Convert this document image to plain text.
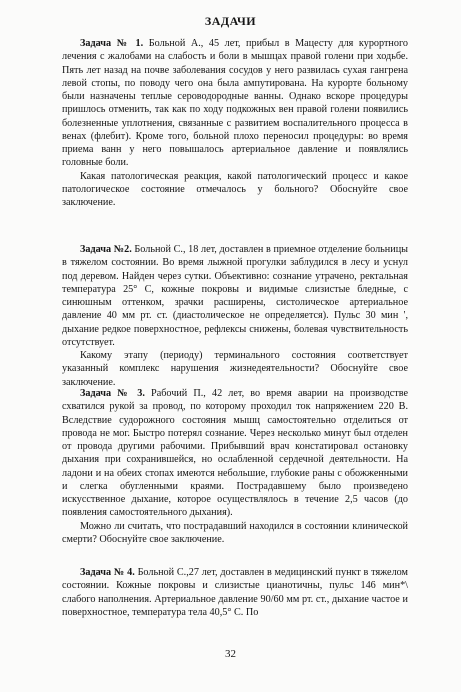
ЗАДАЧИ

Задача № 1. Больной А., 45 лет, прибыл в Мацесту для курортного лечения с жалобами на слабость и боли в мышцах правой голени при ходьбе. Пять лет назад на почве заболевания сосудов у него развилась сухая гангрена левой стопы, по поводу чего она была ампутирована. На курорте больному были назначены теплые сероводородные ванны. Однако вскоре процедуры пришлось отменить, так как по ходу подкожных вен правой голени появились болезненные уплотнения, связанные с развитием воспалительного процесса в венах (флебит). Кроме того, больной плохо переносил процедуры: во время приема ванн у него повышалось артериальное давление и появлялись головные боли.

Какая патологическая реакция, какой патологический процесс и какое патологическое состояние отмечалось у больного? Обоснуйте свое заключение.

Задача №2. Больной С., 18 лет, доставлен в приемное отделение больницы в тяжелом состоянии. Во время лыжной прогулки заблудился в лесу и уснул под деревом. Найден через сутки. Объективно: сознание утрачено, ректальная температура 25° С, кожные покровы и видимые слизистые бледные, с синюшным оттенком, зрачки расширены, систолическое артериальное давление 40 мм рт. ст. (диастолическое не определяется). Пульс 30 мин ', дыхание редкое поверхностное, рефлексы снижены, болевая чувствительность отсутствует.

Какому этапу (периоду) терминального состояния соответствует указанный комплекс нарушения жизнедеятельности? Обоснуйте свое заключение.

Задача № 3. Рабочий П., 42 лет, во время аварии на производстве схватился рукой за провод, по которому проходил ток напряжением 220 В. Вследствие судорожного состояния мышц самостоятельно отделиться от провода не мог. Быстро потерял сознание. Через несколько минут был отделен от провода другими рабочими. Прибывший врач констатировал остановку дыхания при сохранившейся, но ослабленной сердечной деятельности. На ладони и на обеих стопах имеются небольшие, глубокие раны с обожженными и слегка обугленными краями. Пострадавшему было произведено искусственное дыхание, которое осуществлялось в течение 2,5 часов (до появления самостоятельного дыхания).

Можно ли считать, что пострадавший находился в состоянии клинической смерти? Обоснуйте свое заключение.

Задача № 4. Больной С.,27 лет, доставлен в медицинский пункт в тяжелом состоянии. Кожные покровы и слизистые цианотичны, пульс 146 мин*\ слабого наполнения. Артериальное давление 90/60 мм рт. ст., дыхание частое и поверхностное, температура тела 40,5° С. По

32
